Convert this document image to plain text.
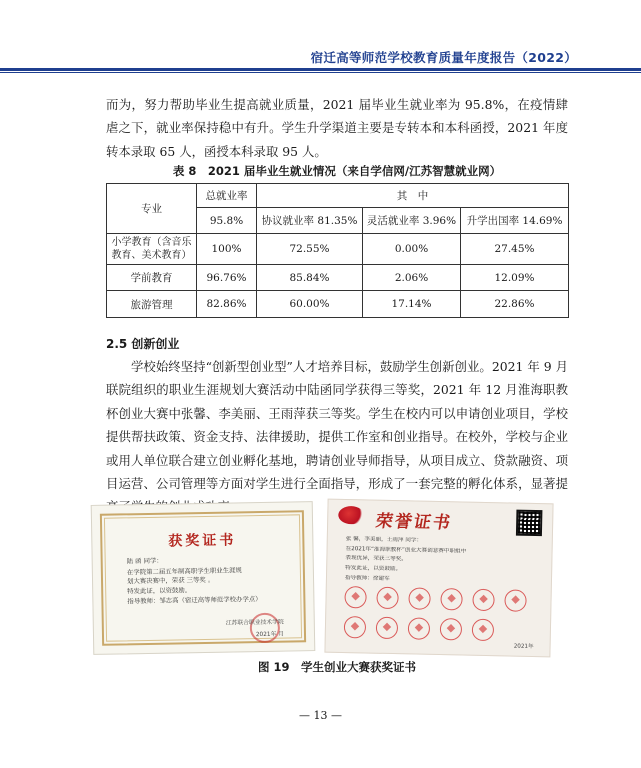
宿迁高等师范学校教育质量年度报告（2022）
而为，努力帮助毕业生提高就业质量，2021 届毕业生就业率为 95.8%，在疫情肆虐之下，就业率保持稳中有升。学生升学渠道主要是专转本和本科函授，2021 年度转本录取 65 人，函授本科录取 95 人。
表 8　2021 届毕业生就业情况（来自学信网/江苏智慧就业网）
专业	总就业率	其　中		
	95.8%	协议就业率 81.35%	灵活就业率 3.96%	升学出国率 14.69%
小学教育（含音乐教育、美术教育）	100%	72.55%	0.00%	27.45%
学前教育	96.76%	85.84%	2.06%	12.09%
旅游管理	82.86%	60.00%	17.14%	22.86%
2.5 创新创业
学校始终坚持“创新型创业型”人才培养目标，鼓励学生创新创业。2021 年 9 月联院组织的职业生涯规划大赛活动中陆函同学获得三等奖，2021 年 12 月淮海职教杯创业大赛中张馨、李美丽、王雨萍获三等奖。学生在校内可以申请创业项目，学校提供帮扶政策、资金支持、法律援助，提供工作室和创业指导。在校外，学校与企业或用人单位联合建立创业孵化基地，聘请创业导师指导，从项目成立、贷款融资、项目运营、公司管理等方面对学生进行全面指导，形成了一套完整的孵化体系，显著提
获奖证书
陆 函 同学：
在学院第二届五年制高职学生职业生涯规
划大赛决赛中，荣获 三等奖 。
特发此证，以资鼓励。
指导教师：邹志高（宿迁高等师范学校办学点）
江苏联合职业技术学院
2021年 月
荣誉证书
张 馨，李美丽，王雨萍 同学：
在2021年“淮海职教杯”创业大赛创意赛中职组中
表现优异，荣获三等奖。
特发此证，以资鼓励。
指导教师：徐建军
2021年
图 19　学生创业大赛获奖证书
— 13 —
